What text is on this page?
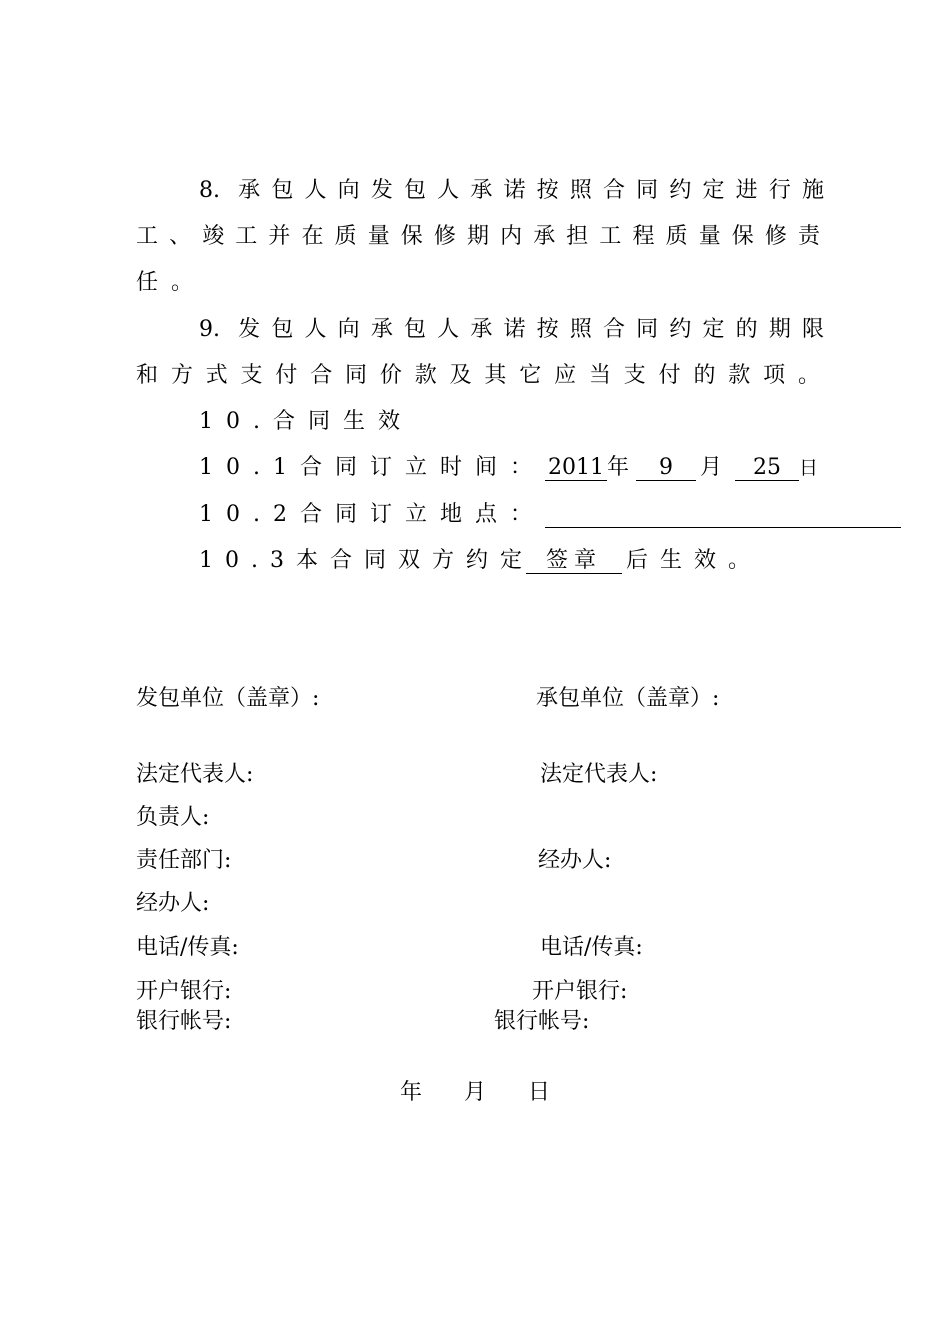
8. 承包人向发包人承诺按照合同约定进行施
工、竣工并在质量保修期内承担工程质量保修责
任。
9. 发包人向承包人承诺按照合同约定的期限
和方式支付合同价款及其它应当支付的款项。
10.合同生效
10.1合同订立时间： 2011 年 9 月 25 日
10.2合同订立地点：
10.3本合同双方约定 签章 后生效。
发包单位（盖章）:	承包单位（盖章）:
法定代表人:	法定代表人:
负责人:
责任部门:	经办人:
经办人:
电话/传真:	电话/传真:
开户银行:	开户银行:
银行帐号:	银行帐号:
年 月 日
